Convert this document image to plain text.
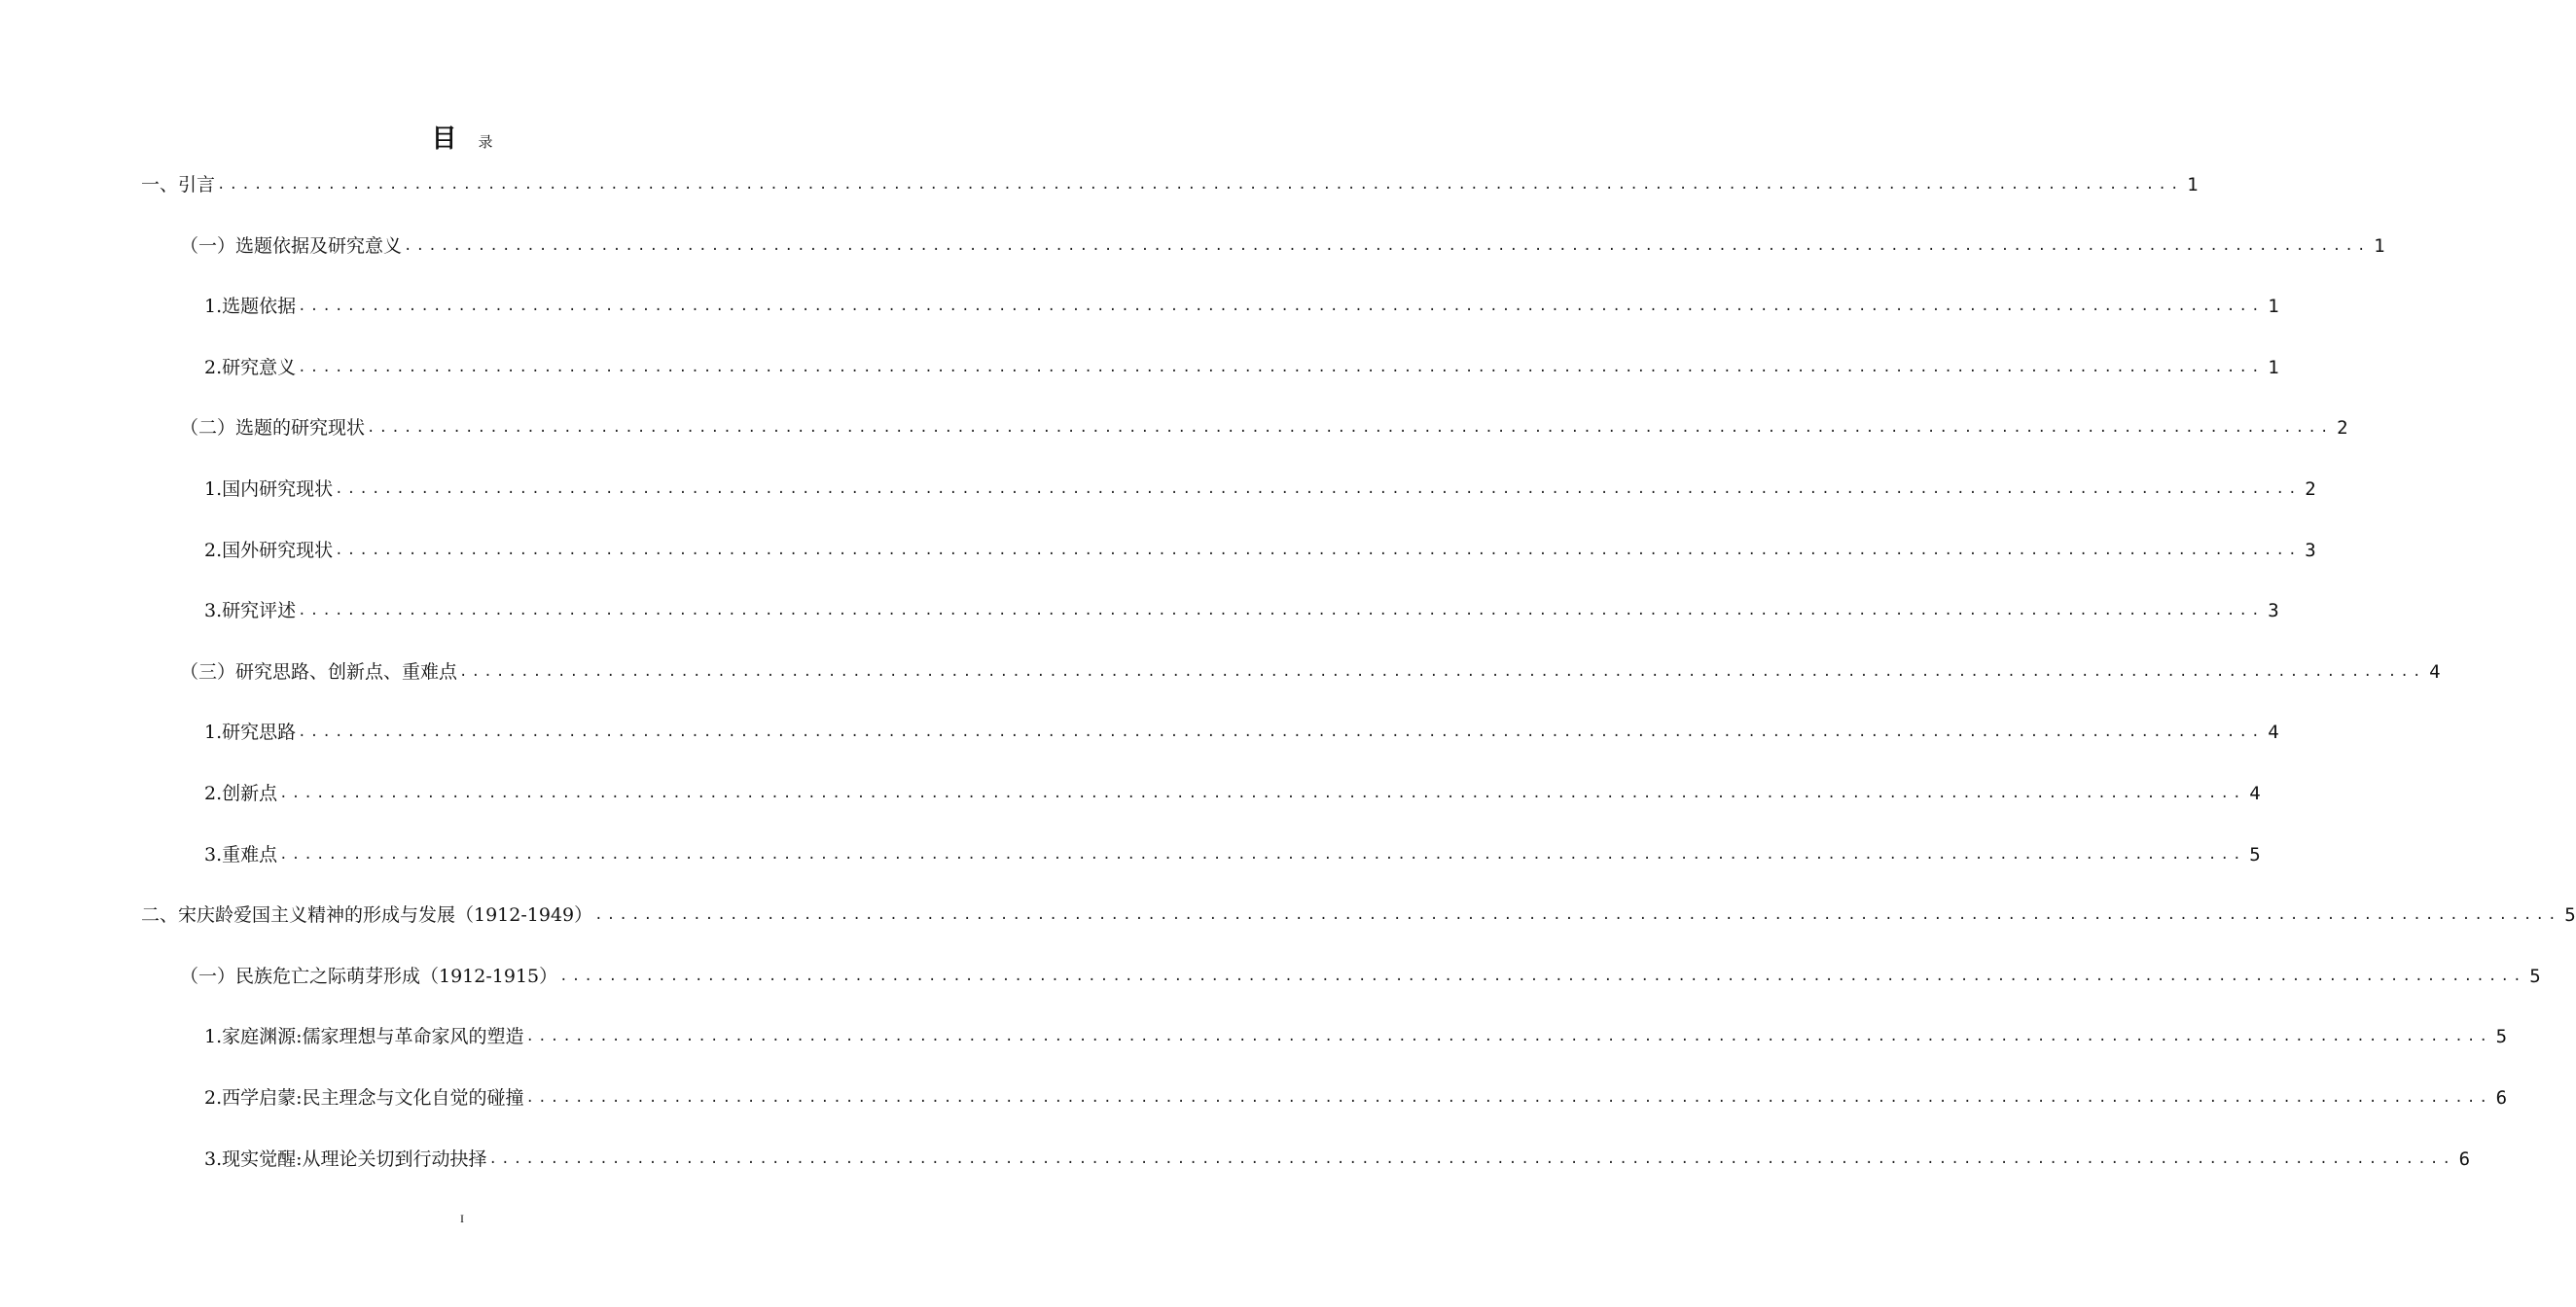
目 录
一、引言 ................................................................................................................................................................ 1
（一）选题依据及研究意义 ................................................................................................................................................................ 1
1.选题依据 ................................................................................................................................................................ 1
2.研究意义 ................................................................................................................................................................ 1
（二）选题的研究现状 ................................................................................................................................................................ 2
1.国内研究现状 ................................................................................................................................................................ 2
2.国外研究现状 ................................................................................................................................................................ 3
3.研究评述 ................................................................................................................................................................ 3
（三）研究思路、创新点、重难点 ................................................................................................................................................................ 4
1.研究思路 ................................................................................................................................................................ 4
2.创新点 ................................................................................................................................................................ 4
3.重难点 ................................................................................................................................................................ 5
二、宋庆龄爱国主义精神的形成与发展（1912-1949） ................................................................................................................................................................ 5
（一）民族危亡之际萌芽形成（1912-1915） ................................................................................................................................................................ 5
1.家庭渊源:儒家理想与革命家风的塑造 ................................................................................................................................................................ 5
2.西学启蒙:民主理念与文化自觉的碰撞 ................................................................................................................................................................ 6
3.现实觉醒:从理论关切到行动抉择 ................................................................................................................................................................ 6
I
